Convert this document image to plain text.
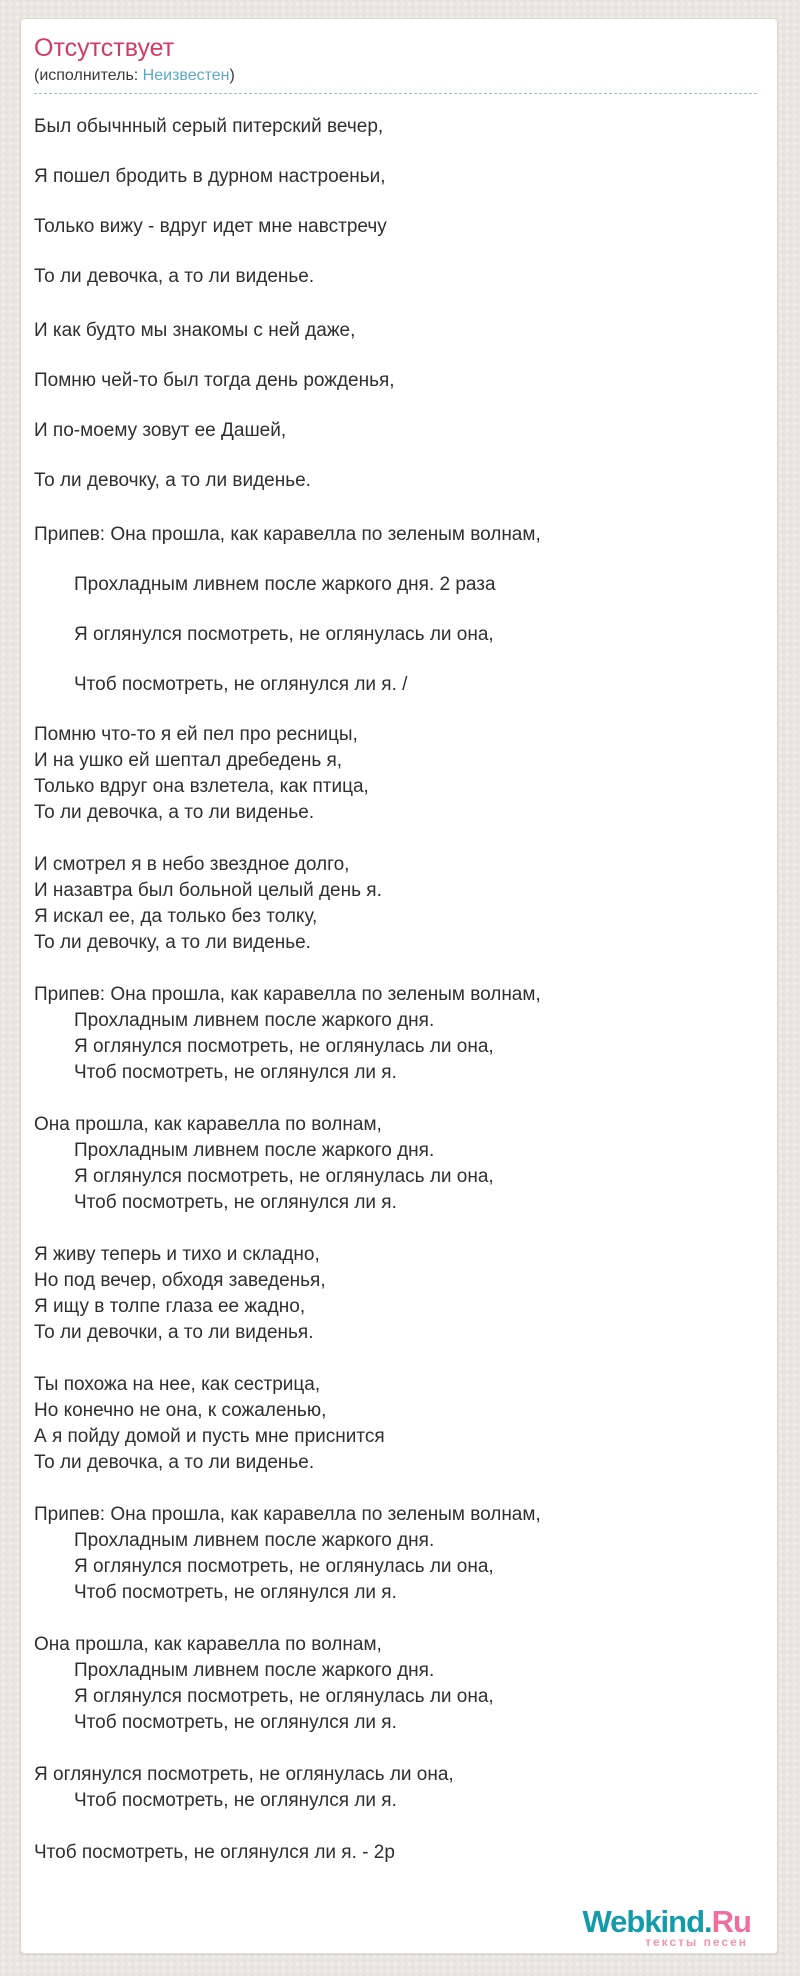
Отсутствует
(исполнитель: Неизвестен)
Был обычнный серый питерский вечер,
Я пошел бродить в дурном настроеньи,
Только вижу - вдруг идет мне навстречу
То ли девочка, а то ли виденье.
И как будто мы знакомы с ней даже,
Помню чей-то был тогда день рожденья,
И по-моему зовут ее Дашей,
То ли девочку, а то ли виденье.
Припев: Она прошла, как каравелла по зеленым волнам,
Прохладным ливнем после жаркого дня. 2 раза
Я оглянулся посмотреть, не оглянулась ли она,
Чтоб посмотреть, не оглянулся ли я. /
Помню что-то я ей пел про ресницы,
И на ушко ей шептал дребедень я,
Только вдруг она взлетела, как птица,
То ли девочка, а то ли виденье.
И смотрел я в небо звездное долго,
И назавтра был больной целый день я.
Я искал ее, да только без толку,
То ли девочку, а то ли виденье.
Припев: Она прошла, как каравелла по зеленым волнам,
Прохладным ливнем после жаркого дня.
Я оглянулся посмотреть, не оглянулась ли она,
Чтоб посмотреть, не оглянулся ли я.
Она прошла, как каравелла по волнам,
Прохладным ливнем после жаркого дня.
Я оглянулся посмотреть, не оглянулась ли она,
Чтоб посмотреть, не оглянулся ли я.
Я живу теперь и тихо и складно,
Но под вечер, обходя заведенья,
Я ищу в толпе глаза ее жадно,
То ли девочки, а то ли виденья.
Ты похожа на нее, как сестрица,
Но конечно не она, к сожаленью,
А я пойду домой и пусть мне приснится
То ли девочка, а то ли виденье.
Припев: Она прошла, как каравелла по зеленым волнам,
Прохладным ливнем после жаркого дня.
Я оглянулся посмотреть, не оглянулась ли она,
Чтоб посмотреть, не оглянулся ли я.
Она прошла, как каравелла по волнам,
Прохладным ливнем после жаркого дня.
Я оглянулся посмотреть, не оглянулась ли она,
Чтоб посмотреть, не оглянулся ли я.
Я оглянулся посмотреть, не оглянулась ли она,
Чтоб посмотреть, не оглянулся ли я.
Чтоб посмотреть, не оглянулся ли я. - 2р
Webkind.Ru
тексты песен
